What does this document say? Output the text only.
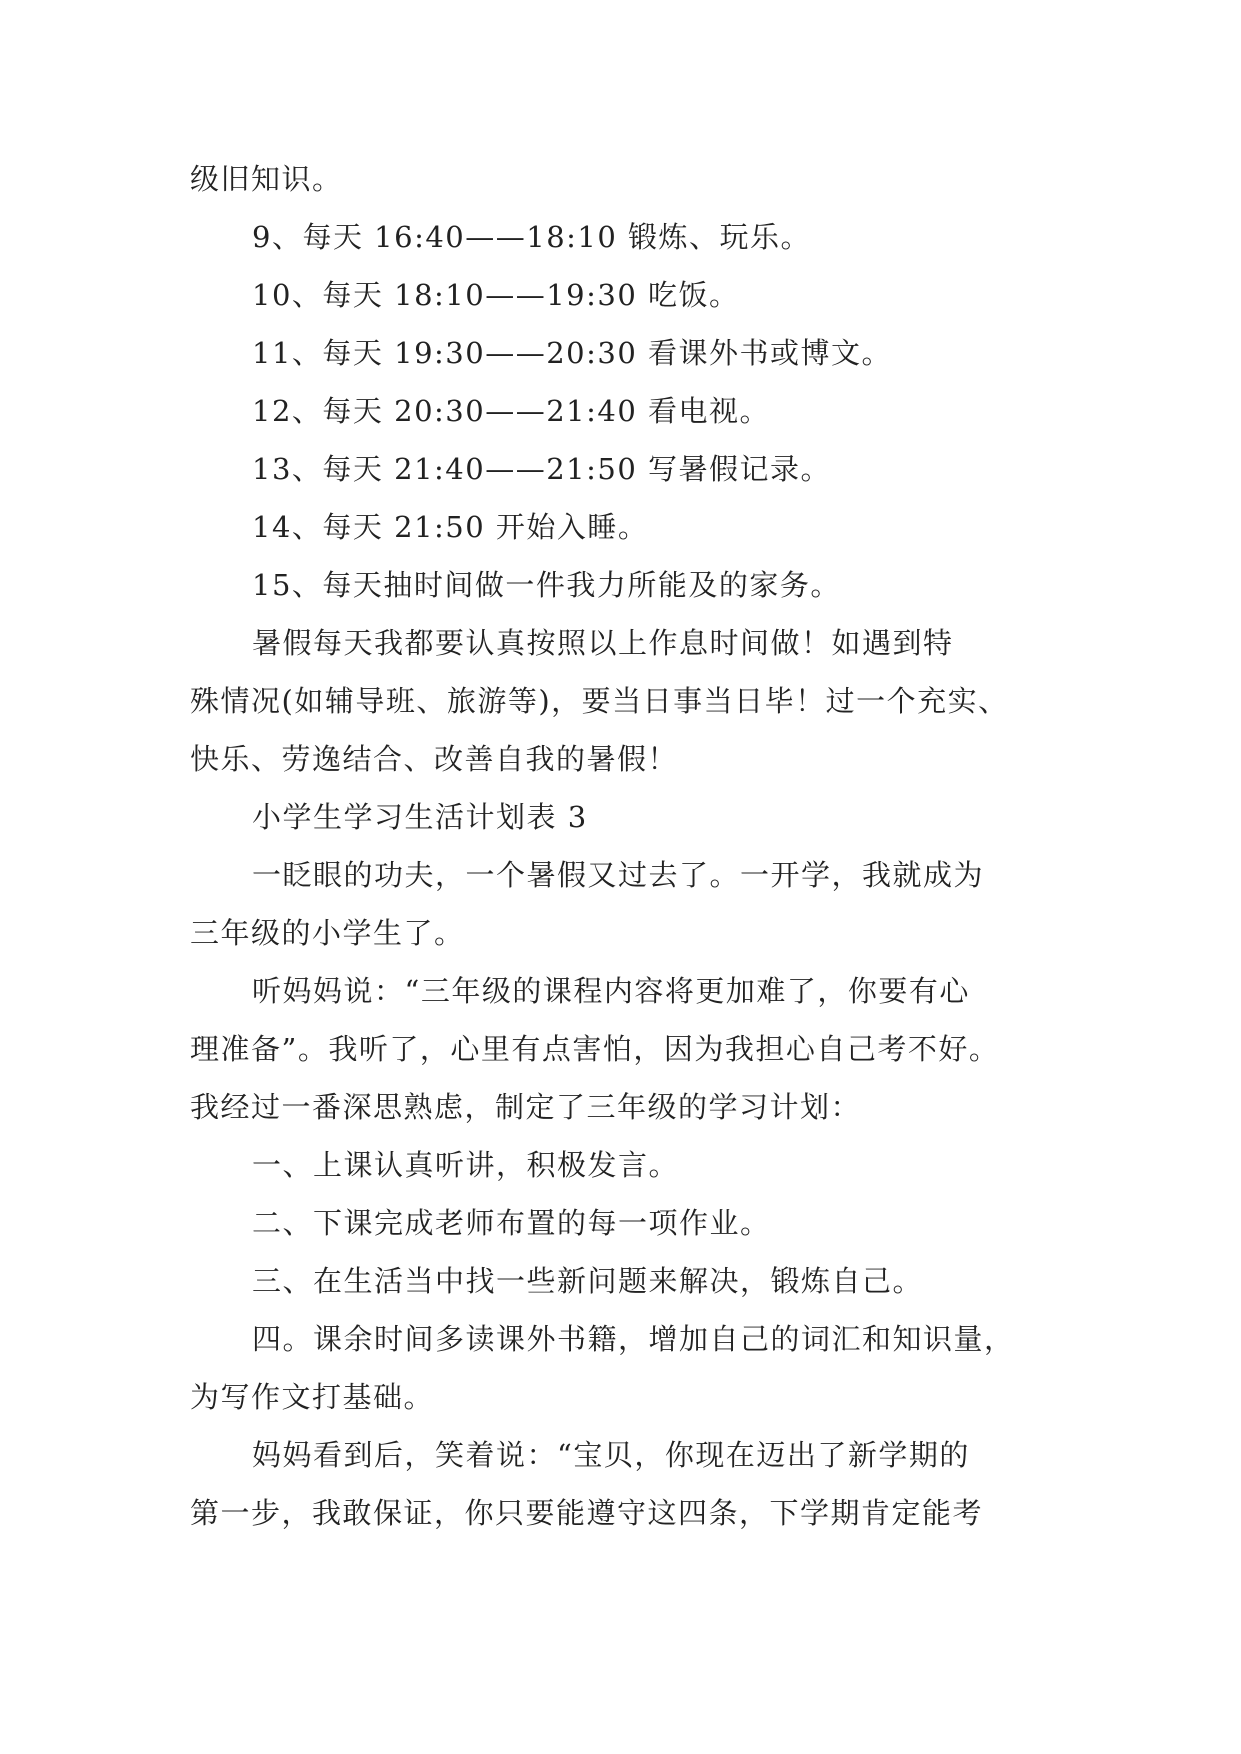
级旧知识。
9、每天 16:40——18:10 锻炼、玩乐。
10、每天 18:10——19:30 吃饭。
11、每天 19:30——20:30 看课外书或博文。
12、每天 20:30——21:40 看电视。
13、每天 21:40——21:50 写暑假记录。
14、每天 21:50 开始入睡。
15、每天抽时间做一件我力所能及的家务。
暑假每天我都要认真按照以上作息时间做！如遇到特
殊情况(如辅导班、旅游等)，要当日事当日毕！过一个充实、
快乐、劳逸结合、改善自我的暑假！
小学生学习生活计划表 3
一眨眼的功夫，一个暑假又过去了。一开学，我就成为
三年级的小学生了。
听妈妈说：“三年级的课程内容将更加难了，你要有心
理准备”。我听了，心里有点害怕，因为我担心自己考不好。
我经过一番深思熟虑，制定了三年级的学习计划：
一、上课认真听讲，积极发言。
二、下课完成老师布置的每一项作业。
三、在生活当中找一些新问题来解决，锻炼自己。
四。课余时间多读课外书籍，增加自己的词汇和知识量，
为写作文打基础。
妈妈看到后，笑着说：“宝贝，你现在迈出了新学期的
第一步，我敢保证，你只要能遵守这四条，下学期肯定能考
